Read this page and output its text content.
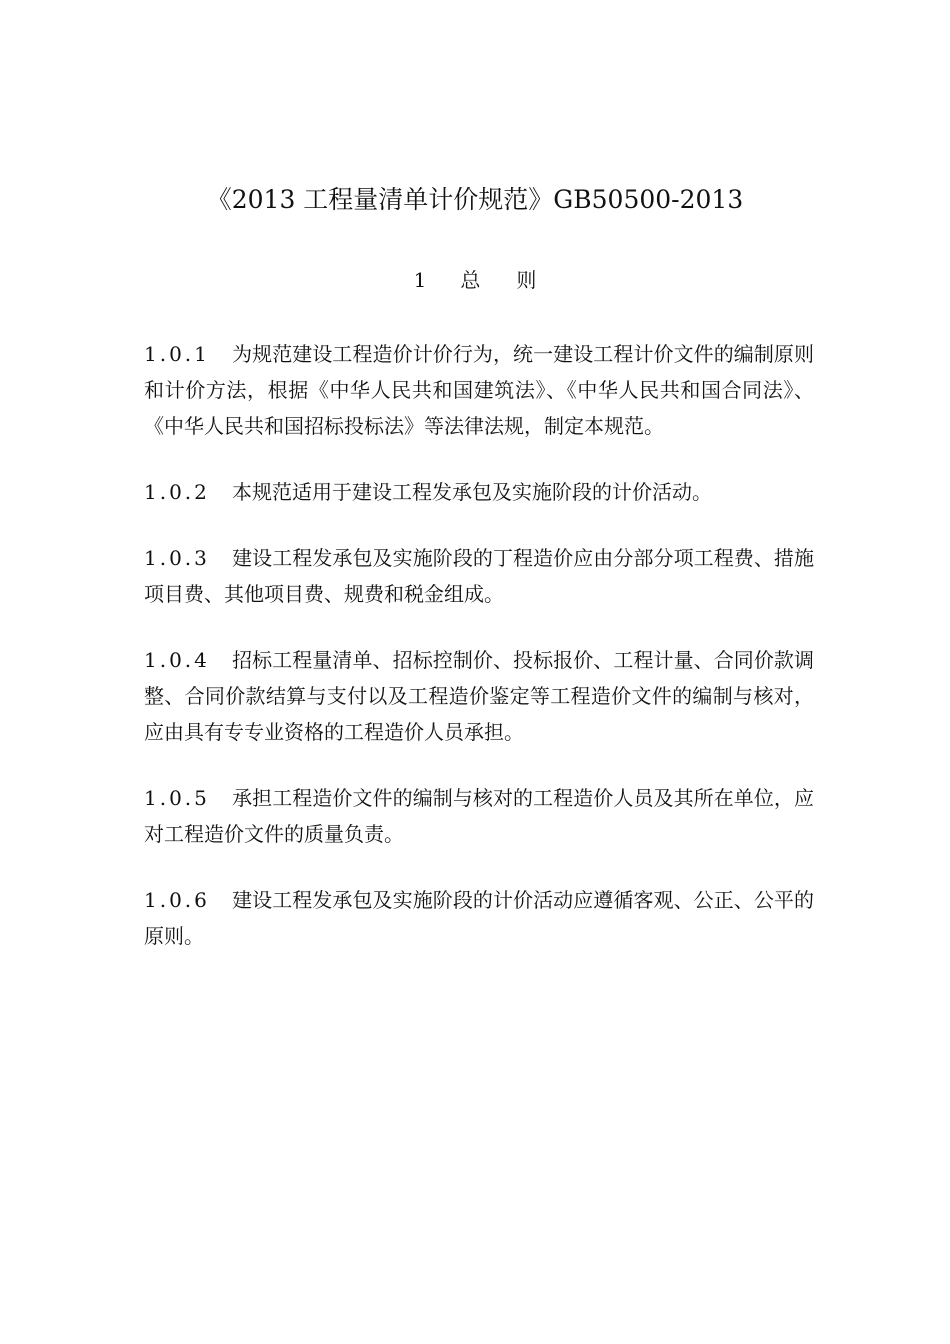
《2013 工程量清单计价规范》GB50500-2013
1 总 则

1.0.1 为规范建设工程造价计价行为，统一建设工程计价文件的编制原则和计价方法，根据《中华人民共和国建筑法》、《中华人民共和国合同法》、《中华人民共和国招标投标法》等法律法规，制定本规范。

1.0.2 本规范适用于建设工程发承包及实施阶段的计价活动。

1.0.3 建设工程发承包及实施阶段的丁程造价应由分部分项工程费、措施项目费、其他项目费、规费和税金组成。

1.0.4 招标工程量清单、招标控制价、投标报价、工程计量、合同价款调整、合同价款结算与支付以及工程造价鉴定等工程造价文件的编制与核对，应由具有专专业资格的工程造价人员承担。

1.0.5 承担工程造价文件的编制与核对的工程造价人员及其所在单位，应对工程造价文件的质量负责。

1.0.6 建设工程发承包及实施阶段的计价活动应遵循客观、公正、公平的原则。
